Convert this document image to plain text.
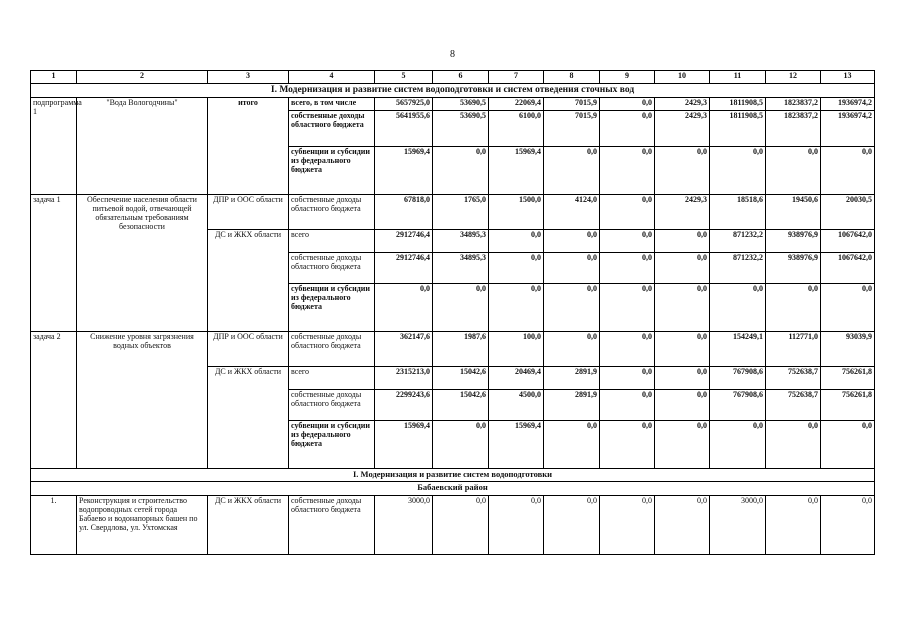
8
1	2	3	4	5	6	7	8	9	10	11	12	13
I. Модернизация и развитие систем водоподготовки и систем отведения сточных вод												
подпрограмма 1	"Вода Вологодчины"	итого	всего, в том числе	5657925,0	53690,5	22069,4	7015,9	0,0	2429,3	1811908,5	1823837,2	1936974,2
			собственные доходы областного бюджета	5641955,6	53690,5	6100,0	7015,9	0,0	2429,3	1811908,5	1823837,2	1936974,2
			субвенции и субсидии из федерального бюджета	15969,4	0,0	15969,4	0,0	0,0	0,0	0,0	0,0	0,0
задача 1	Обеспечение населения области питьевой водой, отвечающей обязательным требованиям безопасности	ДПР и ООС области	собственные доходы областного бюджета	67818,0	1765,0	1500,0	4124,0	0,0	2429,3	18518,6	19450,6	20030,5
		ДС и ЖКХ области	всего	2912746,4	34895,3	0,0	0,0	0,0	0,0	871232,2	938976,9	1067642,0
			собственные доходы областного бюджета	2912746,4	34895,3	0,0	0,0	0,0	0,0	871232,2	938976,9	1067642,0
			субвенции и субсидии из федерального бюджета	0,0	0,0	0,0	0,0	0,0	0,0	0,0	0,0	0,0
задача 2	Снижение уровня загрязнения водных объектов	ДПР и ООС области	собственные доходы областного бюджета	362147,6	1987,6	100,0	0,0	0,0	0,0	154249,1	112771,0	93039,9
		ДС и ЖКХ области	всего	2315213,0	15042,6	20469,4	2891,9	0,0	0,0	767908,6	752638,7	756261,8
			собственные доходы областного бюджета	2299243,6	15042,6	4500,0	2891,9	0,0	0,0	767908,6	752638,7	756261,8
			субвенции и субсидии из федерального бюджета	15969,4	0,0	15969,4	0,0	0,0	0,0	0,0	0,0	0,0
I. Модернизация и развитие систем водоподготовки												
Бабаевский район												
1.	Реконструкция и строительство водопроводных сетей города Бабаево и водонапорных башен по ул. Свердлова, ул. Ухтомская	ДС и ЖКХ области	собственные доходы областного бюджета	3000,0	0,0	0,0	0,0	0,0	0,0	3000,0	0,0	0,0
